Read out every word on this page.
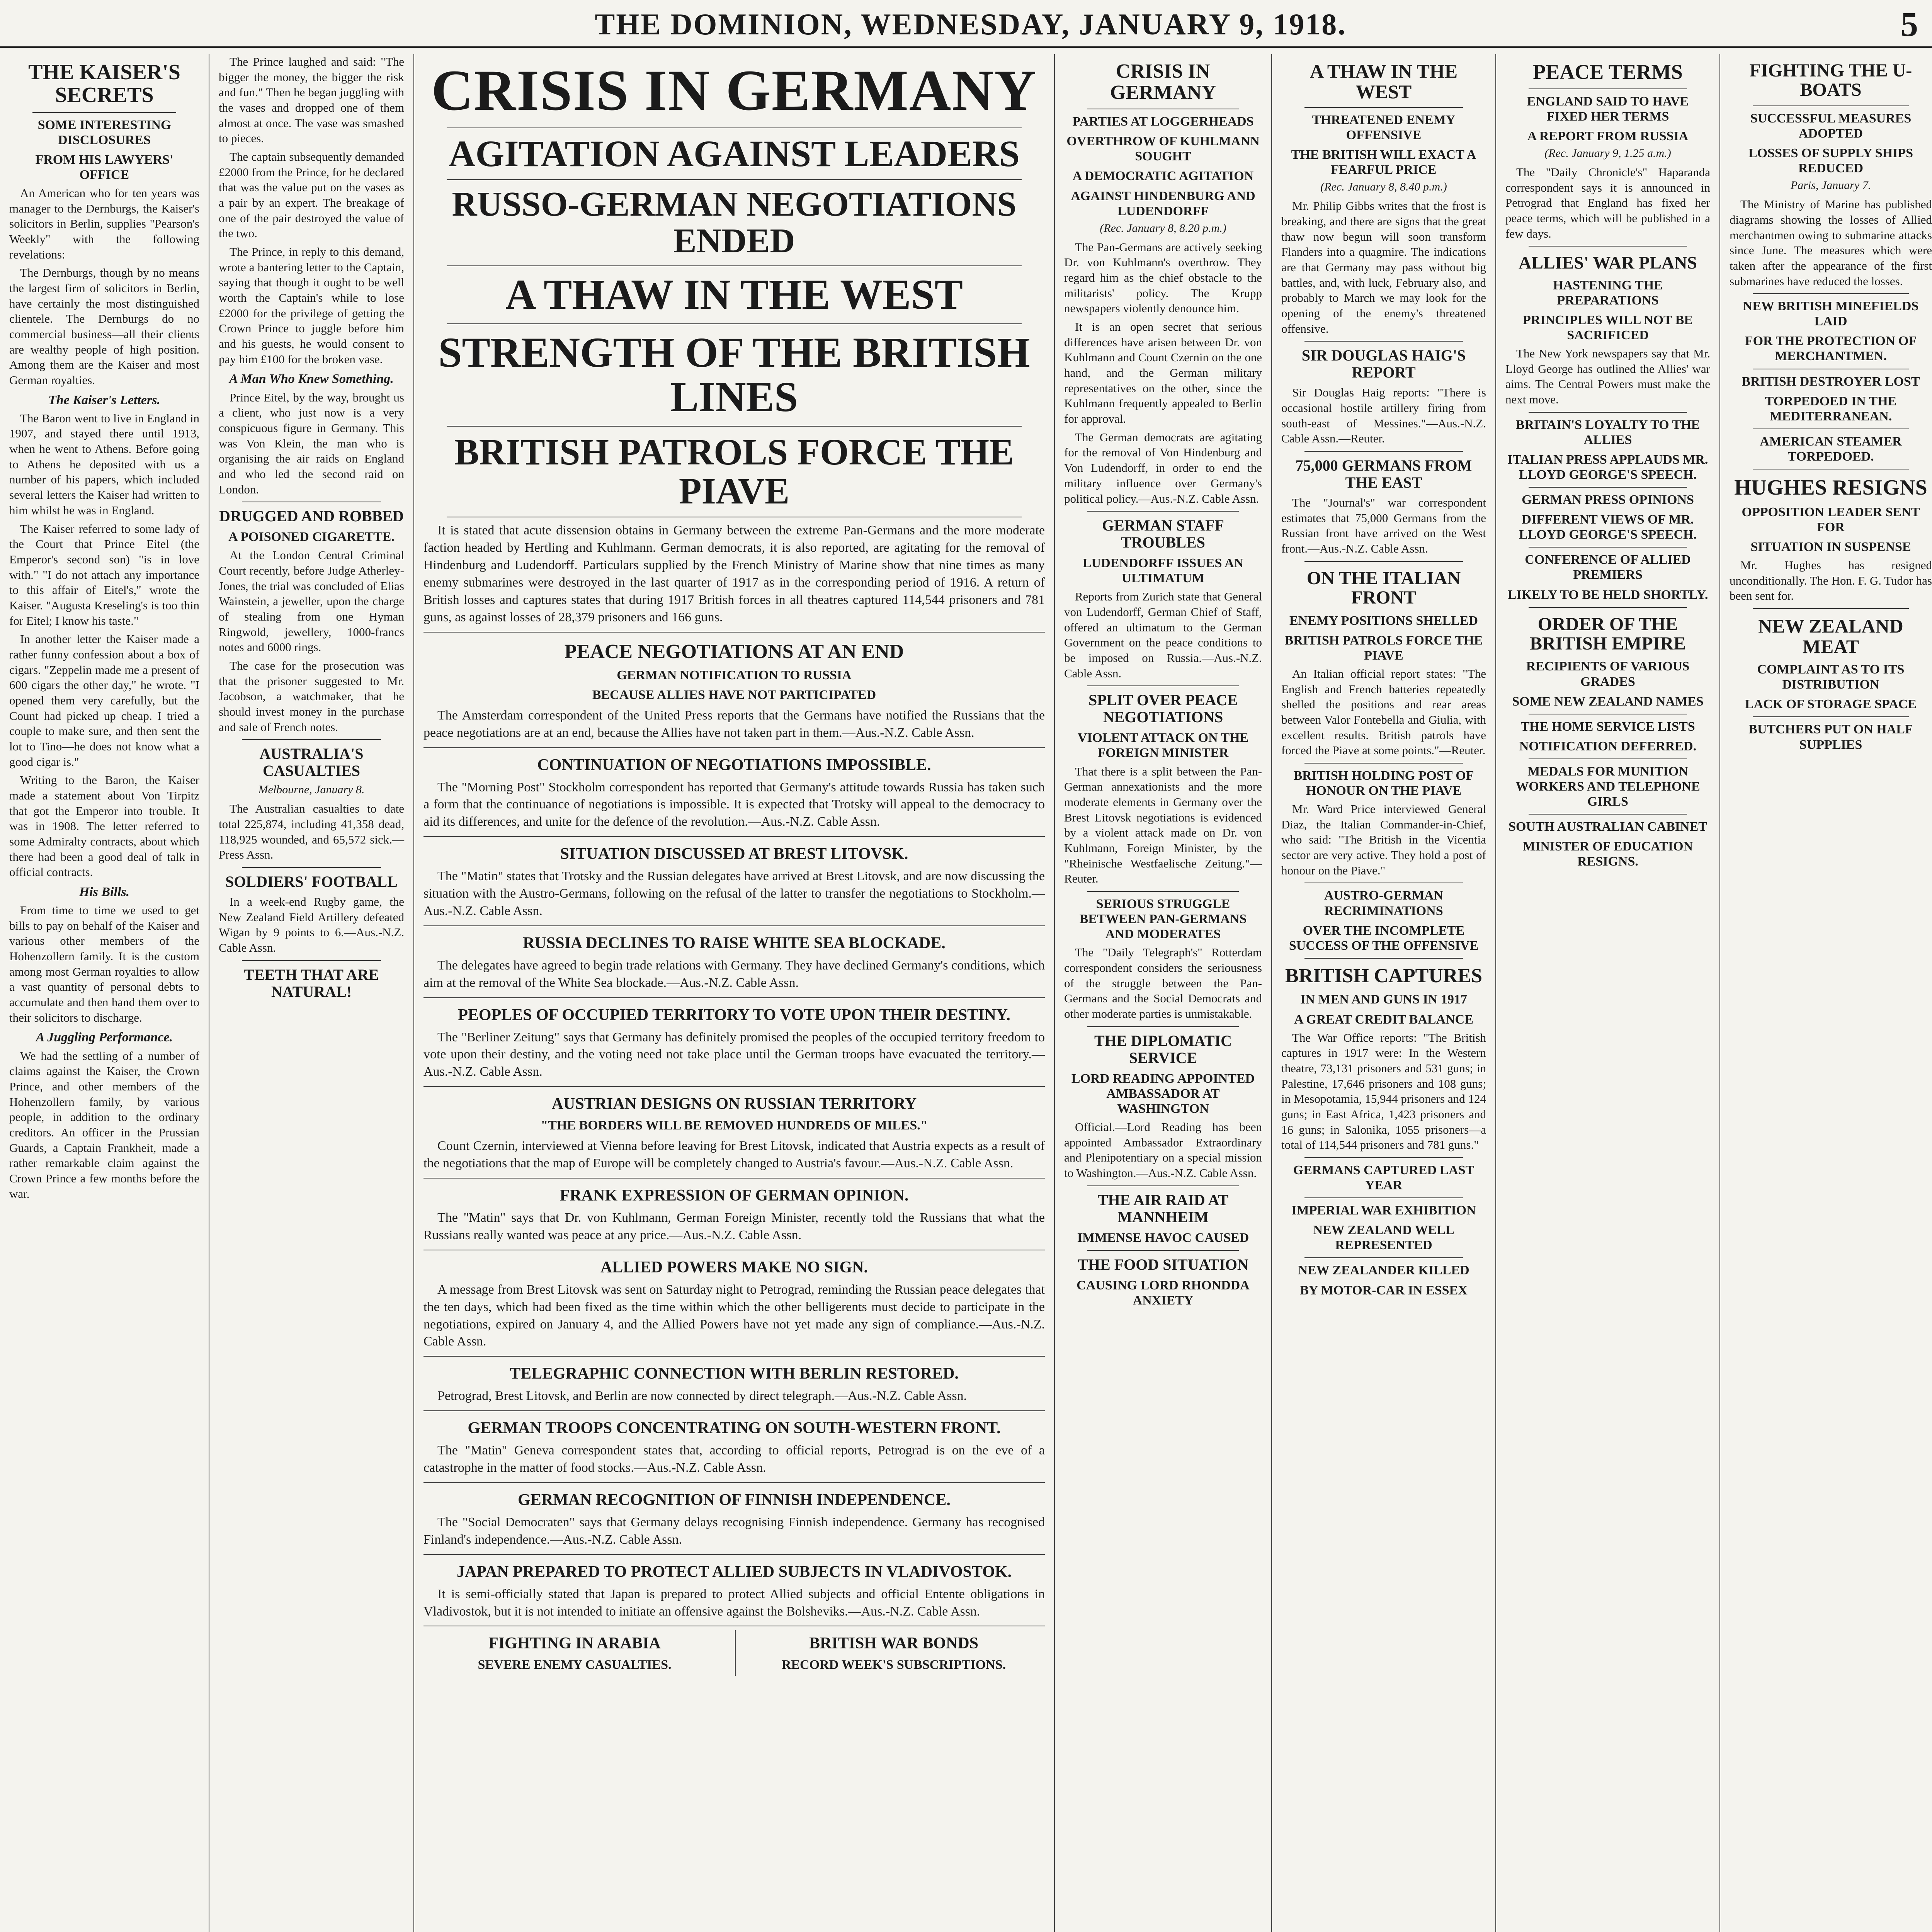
THE DOMINION, WEDNESDAY, JANUARY 9, 1918.	5
THE KAISER'S SECRETS
SOME INTERESTING DISCLOSURES
FROM HIS LAWYERS' OFFICE

An American who for ten years was manager to the Dernburgs, the Kaiser's solicitors in Berlin, supplies "Pearson's Weekly" with the following revelations:

The Dernburgs, though by no means the largest firm of solicitors in Berlin, have certainly the most distinguished clientele. The Dernburgs do no commercial business—all their clients are wealthy people of high position. Among them are the Kaiser and most German royalties.

The Kaiser's Letters.

The Baron went to live in England in 1907, and stayed there until 1913, when he went to Athens. Before going to Athens he deposited with us a number of his papers, which included several letters the Kaiser had written to him whilst he was in England.

The Kaiser referred to some lady of the Court that Prince Eitel (the Emperor's second son) "is in love with." "I do not attach any importance to this affair of Eitel's," wrote the Kaiser. "Augusta Kreseling's is too thin for Eitel; I know his taste."

In another letter the Kaiser made a rather funny confession about a box of cigars. "Zeppelin made me a present of 600 cigars the other day," he wrote. "I opened them very carefully, but the Count had picked up cheap. I tried a couple to make sure, and then sent the lot to Tino—he does not know what a good cigar is."

Writing to the Baron, the Kaiser made a statement about Von Tirpitz that got the Emperor into trouble. It was in 1908. The letter referred to some Admiralty contracts, about which there had been a good deal of talk in official contracts.

His Bills.

From time to time we used to get bills to pay on behalf of the Kaiser and various other members of the Hohenzollern family. It is the custom among most German royalties to allow a vast quantity of personal debts to accumulate and then hand them over to their solicitors to discharge.

A Juggling Performance.

We had the settling of a number of claims against the Kaiser, the Crown Prince, and other members of the Hohenzollern family, by various people, in addition to the ordinary creditors. An officer in the Prussian Guards, a Captain Frankheit, made a rather remarkable claim against the Crown Prince a few months before the war.

The Prince laughed and said: "The bigger the money, the bigger the risk and fun." Then he began juggling with the vases and dropped one of them almost at once. The vase was smashed to pieces.

The captain subsequently demanded £2000 from the Prince, for he declared that was the value put on the vases as a pair by an expert. The breakage of one of the pair destroyed the value of the two.

The Prince, in reply to this demand, wrote a bantering letter to the Captain, saying that though it ought to be well worth the Captain's while to lose £2000 for the privilege of getting the Crown Prince to juggle before him and his guests, he would consent to pay him £100 for the broken vase.

A Man Who Knew Something.

Prince Eitel, by the way, brought us a client, who just now is a very conspicuous figure in Germany. This was Von Klein, the man who is organising the air raids on England and who led the second raid on London.

DRUGGED AND ROBBED
A POISONED CIGARETTE.

At the London Central Criminal Court recently, before Judge Atherley-Jones, the trial was concluded of Elias Wainstein, a jeweller, upon the charge of stealing from one Hyman Ringwold, jewellery, 1000-francs notes and 6000 rings.

The case for the prosecution was that the prisoner suggested to Mr. Jacobson, a watchmaker, that he should invest money in the purchase and sale of French notes.

AUSTRALIA'S CASUALTIES
Melbourne, January 8.

The Australian casualties to date total 225,874, including 41,358 dead, 118,925 wounded, and 65,572 sick.—Press Assn.

SOLDIERS' FOOTBALL

In a week-end Rugby game, the New Zealand Field Artillery defeated Wigan by 9 points to 6.—Aus.-N.Z. Cable Assn.

TEETH THAT ARE NATURAL!
CRISIS IN GERMANY
AGITATION AGAINST LEADERS
RUSSO-GERMAN NEGOTIATIONS ENDED
A THAW IN THE WEST
STRENGTH OF THE BRITISH LINES
BRITISH PATROLS FORCE THE PIAVE

It is stated that acute dissension obtains in Germany between the extreme Pan-Germans and the more moderate faction headed by Hertling and Kuhlmann. German democrats, it is also reported, are agitating for the removal of Hindenburg and Ludendorff. Particulars supplied by the French Ministry of Marine show that nine times as many enemy submarines were destroyed in the last quarter of 1917 as in the corresponding period of 1916. A return of British losses and captures states that during 1917 British forces in all theatres captured 114,544 prisoners and 781 guns, as against losses of 28,379 prisoners and 166 guns.

PEACE NEGOTIATIONS AT AN END
GERMAN NOTIFICATION TO RUSSIA
BECAUSE ALLIES HAVE NOT PARTICIPATED

The Amsterdam correspondent of the United Press reports that the Germans have notified the Russians that the peace negotiations are at an end, because the Allies have not taken part in them.—Aus.-N.Z. Cable Assn.

CONTINUATION OF NEGOTIATIONS IMPOSSIBLE.

The "Morning Post" Stockholm correspondent has reported that Germany's attitude towards Russia has taken such a form that the continuance of negotiations is impossible. It is expected that Trotsky will appeal to the democracy to aid its differences, and unite for the defence of the revolution.—Aus.-N.Z. Cable Assn.

SITUATION DISCUSSED AT BREST LITOVSK.

The "Matin" states that Trotsky and the Russian delegates have arrived at Brest Litovsk, and are now discussing the situation with the Austro-Germans, following on the refusal of the latter to transfer the negotiations to Stockholm.—Aus.-N.Z. Cable Assn.

RUSSIA DECLINES TO RAISE WHITE SEA BLOCKADE.

The delegates have agreed to begin trade relations with Germany. They have declined Germany's conditions, which aim at the removal of the White Sea blockade.—Aus.-N.Z. Cable Assn.

PEOPLES OF OCCUPIED TERRITORY TO VOTE UPON THEIR DESTINY.

The "Berliner Zeitung" says that Germany has definitely promised the peoples of the occupied territory freedom to vote upon their destiny, and the voting need not take place until the German troops have evacuated the territory.—Aus.-N.Z. Cable Assn.

AUSTRIAN DESIGNS ON RUSSIAN TERRITORY
"THE BORDERS WILL BE REMOVED HUNDREDS OF MILES."

Count Czernin, interviewed at Vienna before leaving for Brest Litovsk, indicated that Austria expects as a result of the negotiations that the map of Europe will be completely changed to Austria's favour.—Aus.-N.Z. Cable Assn.

FRANK EXPRESSION OF GERMAN OPINION.

The "Matin" says that Dr. von Kuhlmann, German Foreign Minister, recently told the Russians that what the Russians really wanted was peace at any price.—Aus.-N.Z. Cable Assn.

ALLIED POWERS MAKE NO SIGN.

A message from Brest Litovsk was sent on Saturday night to Petrograd, reminding the Russian peace delegates that the ten days, which had been fixed as the time within which the other belligerents must decide to participate in the negotiations, expired on January 4, and the Allied Powers have not yet made any sign of compliance.—Aus.-N.Z. Cable Assn.

TELEGRAPHIC CONNECTION WITH BERLIN RESTORED.

Petrograd, Brest Litovsk, and Berlin are now connected by direct telegraph.—Aus.-N.Z. Cable Assn.

GERMAN TROOPS CONCENTRATING ON SOUTH-WESTERN FRONT.

The "Matin" Geneva correspondent states that, according to official reports, Petrograd is on the eve of a catastrophe in the matter of food stocks.—Aus.-N.Z. Cable Assn.

GERMAN RECOGNITION OF FINNISH INDEPENDENCE.

The "Social Democraten" says that Germany delays recognising Finnish independence. Germany has recognised Finland's independence.—Aus.-N.Z. Cable Assn.

JAPAN PREPARED TO PROTECT ALLIED SUBJECTS IN VLADIVOSTOK.

It is semi-officially stated that Japan is prepared to protect Allied subjects and official Entente obligations in Vladivostok, but it is not intended to initiate an offensive against the Bolsheviks.—Aus.-N.Z. Cable Assn.

FIGHTING IN ARABIA
SEVERE ENEMY CASUALTIES.
BRITISH WAR BONDS
RECORD WEEK'S SUBSCRIPTIONS.
CRISIS IN GERMANY
PARTIES AT LOGGERHEADS
OVERTHROW OF KUHLMANN SOUGHT
A DEMOCRATIC AGITATION
AGAINST HINDENBURG AND LUDENDORFF
(Rec. January 8, 8.20 p.m.)

The Pan-Germans are actively seeking Dr. von Kuhlmann's overthrow. They regard him as the chief obstacle to the militarists' policy. The Krupp newspapers violently denounce him.

It is an open secret that serious differences have arisen between Dr. von Kuhlmann and Count Czernin on the one hand, and the German military representatives on the other, since the Kuhlmann frequently appealed to Berlin for approval.

The German democrats are agitating for the removal of Von Hindenburg and Von Ludendorff, in order to end the military influence over Germany's political policy.—Aus.-N.Z. Cable Assn.

GERMAN STAFF TROUBLES
LUDENDORFF ISSUES AN ULTIMATUM

Reports from Zurich state that General von Ludendorff, German Chief of Staff, offered an ultimatum to the German Government on the peace conditions to be imposed on Russia.—Aus.-N.Z. Cable Assn.

SPLIT OVER PEACE NEGOTIATIONS
VIOLENT ATTACK ON THE FOREIGN MINISTER

That there is a split between the Pan-German annexationists and the more moderate elements in Germany over the Brest Litovsk negotiations is evidenced by a violent attack made on Dr. von Kuhlmann, Foreign Minister, by the "Rheinische Westfaelische Zeitung."—Reuter.

SERIOUS STRUGGLE BETWEEN PAN-GERMANS AND MODERATES

The "Daily Telegraph's" Rotterdam correspondent considers the seriousness of the struggle between the Pan-Germans and the Social Democrats and other moderate parties is unmistakable.

THE DIPLOMATIC SERVICE
LORD READING APPOINTED AMBASSADOR AT WASHINGTON

Official.—Lord Reading has been appointed Ambassador Extraordinary and Plenipotentiary on a special mission to Washington.—Aus.-N.Z. Cable Assn.

THE AIR RAID AT MANNHEIM
IMMENSE HAVOC CAUSED
THE FOOD SITUATION
CAUSING LORD RHONDDA ANXIETY
A THAW IN THE WEST
THREATENED ENEMY OFFENSIVE
THE BRITISH WILL EXACT A FEARFUL PRICE
(Rec. January 8, 8.40 p.m.)

Mr. Philip Gibbs writes that the frost is breaking, and there are signs that the great thaw now begun will soon transform Flanders into a quagmire. The indications are that Germany may pass without big battles, and, with luck, February also, and probably to March we may look for the opening of the enemy's threatened offensive.

SIR DOUGLAS HAIG'S REPORT

Sir Douglas Haig reports: "There is occasional hostile artillery firing from south-east of Messines."—Aus.-N.Z. Cable Assn.—Reuter.

75,000 GERMANS FROM THE EAST

The "Journal's" war correspondent estimates that 75,000 Germans from the Russian front have arrived on the West front.—Aus.-N.Z. Cable Assn.

ON THE ITALIAN FRONT
ENEMY POSITIONS SHELLED
BRITISH PATROLS FORCE THE PIAVE

An Italian official report states: "The English and French batteries repeatedly shelled the positions and rear areas between Valor Fontebella and Giulia, with excellent results. British patrols have forced the Piave at some points."—Reuter.

BRITISH HOLDING POST OF HONOUR ON THE PIAVE

Mr. Ward Price interviewed General Diaz, the Italian Commander-in-Chief, who said: "The British in the Vicentia sector are very active. They hold a post of honour on the Piave."

AUSTRO-GERMAN RECRIMINATIONS
OVER THE INCOMPLETE SUCCESS OF THE OFFENSIVE
BRITISH CAPTURES
IN MEN AND GUNS IN 1917
A GREAT CREDIT BALANCE

The War Office reports: "The British captures in 1917 were: In the Western theatre, 73,131 prisoners and 531 guns; in Palestine, 17,646 prisoners and 108 guns; in Mesopotamia, 15,944 prisoners and 124 guns; in East Africa, 1,423 prisoners and 16 guns; in Salonika, 1055 prisoners—a total of 114,544 prisoners and 781 guns."

GERMANS CAPTURED LAST YEAR
IMPERIAL WAR EXHIBITION
NEW ZEALAND WELL REPRESENTED
NEW ZEALANDER KILLED
BY MOTOR-CAR IN ESSEX
PEACE TERMS
ENGLAND SAID TO HAVE FIXED HER TERMS
A REPORT FROM RUSSIA
(Rec. January 9, 1.25 a.m.)

The "Daily Chronicle's" Haparanda correspondent says it is announced in Petrograd that England has fixed her peace terms, which will be published in a few days.

ALLIES' WAR PLANS
HASTENING THE PREPARATIONS
PRINCIPLES WILL NOT BE SACRIFICED

The New York newspapers say that Mr. Lloyd George has outlined the Allies' war aims. The Central Powers must make the next move.

BRITAIN'S LOYALTY TO THE ALLIES
ITALIAN PRESS APPLAUDS MR. LLOYD GEORGE'S SPEECH.
GERMAN PRESS OPINIONS
DIFFERENT VIEWS OF MR. LLOYD GEORGE'S SPEECH.
CONFERENCE OF ALLIED PREMIERS
LIKELY TO BE HELD SHORTLY.
ORDER OF THE BRITISH EMPIRE
RECIPIENTS OF VARIOUS GRADES
SOME NEW ZEALAND NAMES
THE HOME SERVICE LISTS
NOTIFICATION DEFERRED.
MEDALS FOR MUNITION WORKERS AND TELEPHONE GIRLS
SOUTH AUSTRALIAN CABINET
MINISTER OF EDUCATION RESIGNS.
FIGHTING THE U-BOATS
SUCCESSFUL MEASURES ADOPTED
LOSSES OF SUPPLY SHIPS REDUCED
Paris, January 7.

The Ministry of Marine has published diagrams showing the losses of Allied merchantmen owing to submarine attacks since June. The measures which were taken after the appearance of the first submarines have reduced the losses.

NEW BRITISH MINEFIELDS LAID
FOR THE PROTECTION OF MERCHANTMEN.
BRITISH DESTROYER LOST
TORPEDOED IN THE MEDITERRANEAN.
AMERICAN STEAMER TORPEDOED.
HUGHES RESIGNS
OPPOSITION LEADER SENT FOR
SITUATION IN SUSPENSE

Mr. Hughes has resigned unconditionally. The Hon. F. G. Tudor has been sent for.

NEW ZEALAND MEAT
COMPLAINT AS TO ITS DISTRIBUTION
LACK OF STORAGE SPACE
BUTCHERS PUT ON HALF SUPPLIES
